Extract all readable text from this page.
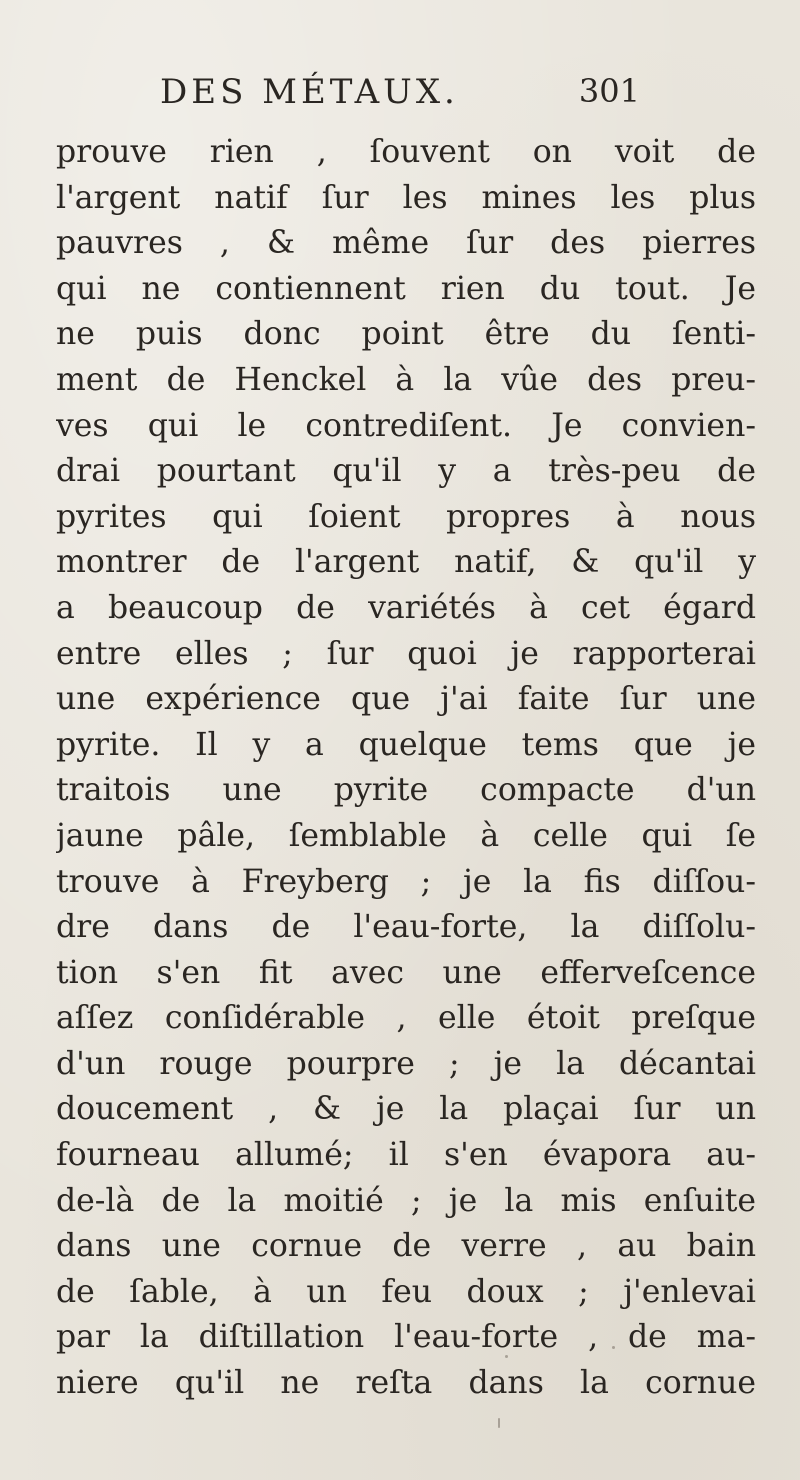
DES MÉTAUX.	301
prouve rien , ſouvent on voit de
l'argent natif ſur les mines les plus
pauvres , & même ſur des pierres
qui ne contiennent rien du tout. Je
ne puis donc point être du ſenti-
ment de Henckel à la vûe des preu-
ves qui le contrediſent. Je convien-
drai pourtant qu'il y a très-peu de
pyrites qui ſoient propres à nous
montrer de l'argent natif, & qu'il y
a beaucoup de variétés à cet égard
entre elles ; ſur quoi je rapporterai
une expérience que j'ai faite ſur une
pyrite. Il y a quelque tems que je
traitois une pyrite compacte d'un
jaune pâle, ſemblable à celle qui ſe
trouve à Freyberg ; je la fis diſſou-
dre dans de l'eau-forte, la diſſolu-
tion s'en fit avec une efferveſcence
aſſez conſidérable , elle étoit preſque
d'un rouge pourpre ; je la décantai
doucement , & je la plaçai ſur un
fourneau allumé; il s'en évapora au-
de-là de la moitié ; je la mis enſuite
dans une cornue de verre , au bain
de ſable, à un feu doux ; j'enlevai
par la diſtillation l'eau-forte , de ma-
niere qu'il ne reſta dans la cornue
